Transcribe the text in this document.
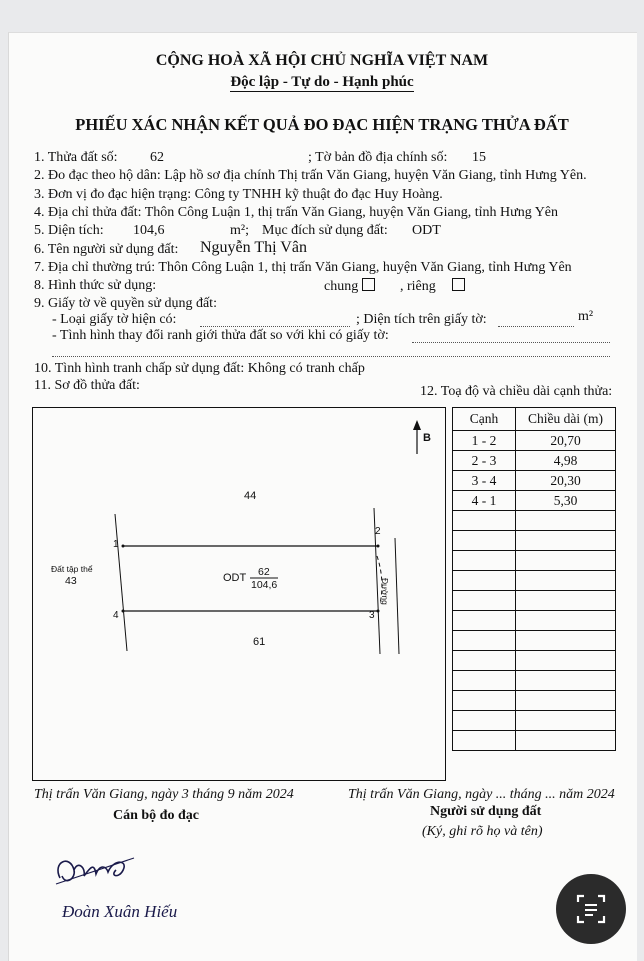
CỘNG HOÀ XÃ HỘI CHỦ NGHĨA VIỆT NAM
Độc lập - Tự do - Hạnh phúc
PHIẾU XÁC NHẬN KẾT QUẢ ĐO ĐẠC HIỆN TRẠNG THỬA ĐẤT
1. Thửa đất số: 62	; Tờ bản đồ địa chính số: 15
2. Đo đạc theo hộ dân: Lập hồ sơ địa chính Thị trấn Văn Giang, huyện Văn Giang, tỉnh Hưng Yên.
3. Đơn vị đo đạc hiện trạng: Công ty TNHH kỹ thuật đo đạc Huy Hoàng.
4. Địa chỉ thửa đất: Thôn Công Luận 1, thị trấn Văn Giang, huyện Văn Giang, tỉnh Hưng Yên
5. Diện tích: 104,6	m²; Mục đích sử dụng đất: ODT
6. Tên người sử dụng đất: Nguyễn Thị Vân
7. Địa chỉ thường trú: Thôn Công Luận 1, thị trấn Văn Giang, huyện Văn Giang, tỉnh Hưng Yên
8. Hình thức sử dụng:	chung	, riêng
9. Giấy tờ về quyền sử dụng đất:
- Loại giấy tờ hiện có:	; Diện tích trên giấy tờ:	m²
- Tình hình thay đổi ranh giới thửa đất so với khi có giấy tờ:
10. Tình hình tranh chấp sử dụng đất: Không có tranh chấp
11. Sơ đồ thửa đất:	12. Toạ độ và chiều dài cạnh thửa:
B
44
Đất tập thể
43
61
Đường
ODT 62
104,6
1
2
3
4
Cạnh	Chiều dài (m)
1 - 2	20,70
2 - 3	4,98
3 - 4	20,30
4 - 1	5,30

Thị trấn Văn Giang, ngày 3 tháng 9 năm 2024
Cán bộ đo đạc
Thị trấn Văn Giang, ngày ... tháng ... năm 2024
Người sử dụng đất
(Ký, ghi rõ họ và tên)
Đoàn Xuân Hiếu
